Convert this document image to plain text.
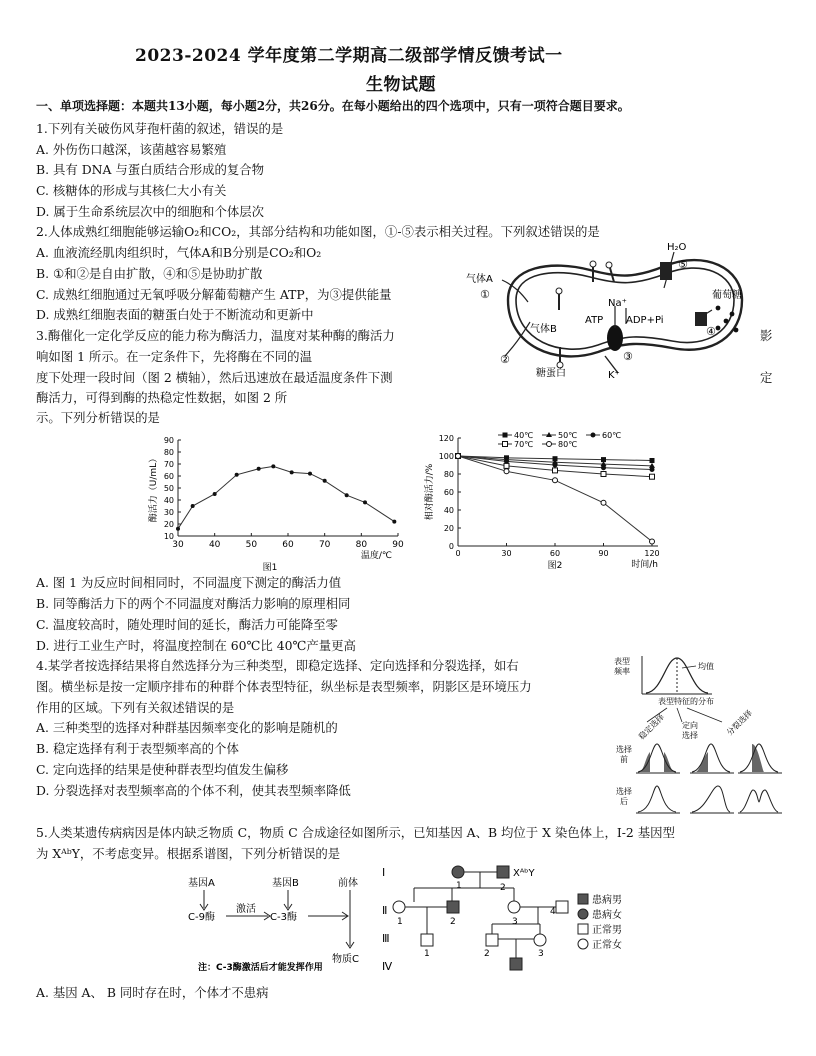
2023-2024 学年度第二学期高二级部学情反馈考试一
生物试题
一、单项选择题：本题共13小题，每小题2分，共26分。在每小题给出的四个选项中，只有一项符合题目要求。
1.下列有关破伤风芽孢杆菌的叙述，错误的是
A. 外伤伤口越深，该菌越容易繁殖
B. 具有 DNA 与蛋白质结合形成的复合物
C. 核糖体的形成与其核仁大小有关
D. 属于生命系统层次中的细胞和个体层次
2.人体成熟红细胞能够运输O₂和CO₂，其部分结构和功能如图，①-⑤表示相关过程。下列叙述错误的是
A. 血液流经肌肉组织时，气体A和B分别是CO₂和O₂
B. ①和②是自由扩散，④和⑤是协助扩散
C. 成熟红细胞通过无氧呼吸分解葡萄糖产生 ATP，为③提供能量
D. 成熟红细胞表面的糖蛋白处于不断流动和更新中
气体A
①
气体B
②
糖蛋白
Na⁺
ATP ADP+Pi
③
K⁺
H₂O
⑤
葡萄糖
④
3.酶催化一定化学反应的能力称为酶活力，温度对某种酶的酶活力	影
响如图 1 所示。在一定条件下，先将酶在不同的温
度下处理一段时间（图 2 横轴），然后迅速放在最适温度条件下测	定
酶活力，可得到酶的热稳定性数据，如图 2 所
示。下列分析错误的是
10
20
30
40
50
60
70
80
90
30	40	50	60	70	80	90
酶活力（U/mL）
温度/℃
图1
0
20
40
60
80
100
120
0	30	60	90	120
40℃	50℃	60℃
70℃	80℃
相对酶活力/%
时间/h
图2
A. 图 1 为反应时间相同时，不同温度下测定的酶活力值
B. 同等酶活力下的两个不同温度对酶活力影响的原理相同
C. 温度较高时，随处理时间的延长，酶活力可能降至零
D. 进行工业生产时，将温度控制在 60℃比 40℃产量更高
4.某学者按选择结果将自然选择分为三种类型，即稳定选择、定向选择和分裂选择，如右
图。横坐标是按一定顺序排布的种群个体表型特征，纵坐标是表型频率，阴影区是环境压力
作用的区域。下列有关叙述错误的是
A. 三种类型的选择对种群基因频率变化的影响是随机的
B. 稳定选择有利于表型频率高的个体
C. 定向选择的结果是使种群表型均值发生偏移
D. 分裂选择对表型频率高的个体不利，使其表型频率降低
表型
频率
均值
表型特征的分布
稳定选择 定向
选择	分裂选择
选择
前
选择
后
5.人类某遗传病病因是体内缺乏物质 C，物质 C 合成途径如图所示，已知基因 A、B 均位于 X 染色体上，I-2 基因型
为 XᴬᵇY，不考虑变异。根据系谱图，下列分析错误的是
基因A	基因B	前体
C-9酶
激活
C-3酶
物质C
注：C-3酶激活后才能发挥作用
Ⅰ
Ⅱ
Ⅲ
Ⅳ
XᴬᵇY
1	2
1	2	3
4
1	2	3
患病男
患病女
正常男
正常女
A. 基因 A、 B 同时存在时，个体才不患病
